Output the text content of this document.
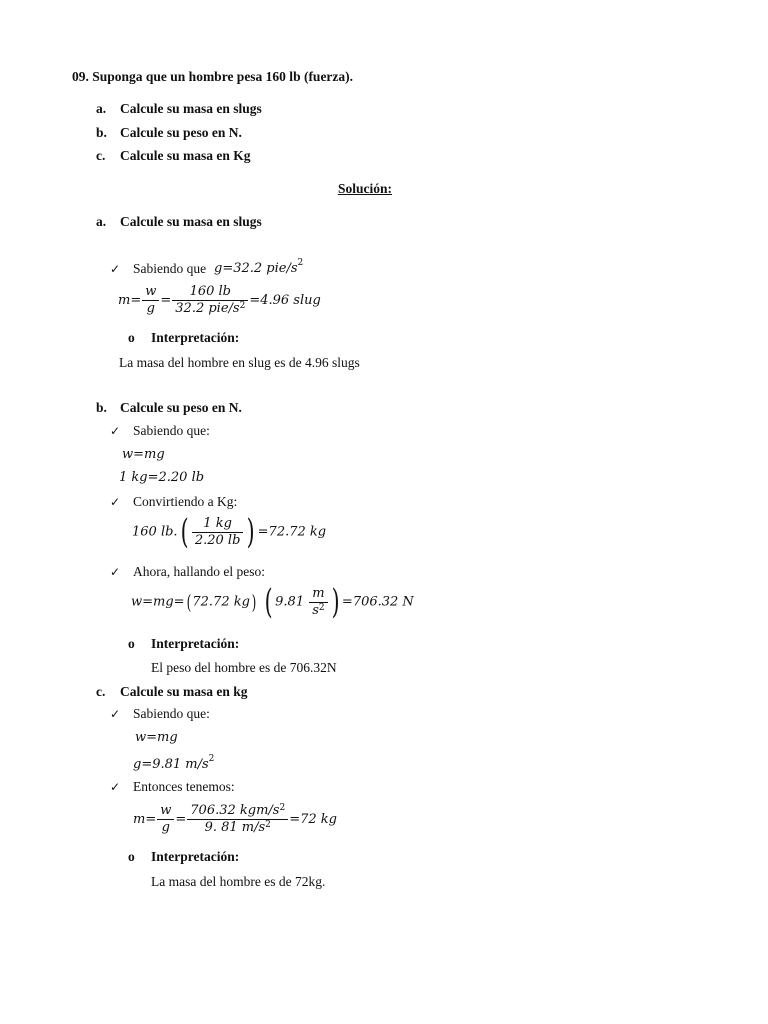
09. Suponga que un hombre pesa 160 lb (fuerza).
a. Calcule su masa en slugs
b. Calcule su peso en N.
c. Calcule su masa en Kg
Solución:
a. Calcule su masa en slugs
✓ Sabiendo que g=32.2 pie/$s^2$
$m= \frac{w}{g} = \frac{160 lb}{32.2 pie/s^2} =4.96$ slug
o Interpretación:
La masa del hombre en slug es de 4.96 slugs
b. Calcule su peso en N.
✓ Sabiendo que:
w=mg
1 kg=2.20 lb
✓ Convirtiendo a Kg:
160 $lb.( \frac{1 kg}{2.20 lb}$ ) =72.72 kg
✓ Ahora, hallando el peso:
w=mg=( 72.72 kg) ( $9.81 \frac{m}{s^2}$ ) =706.32 N
o Interpretación:
El peso del hombre es de 706.32N
c. Calcule su masa en kg
✓ Sabiendo que:
w=mg
g=9.81 $m/s^2$
✓ Entonces tenemos:
$m= \frac{w}{g} = \frac{706.32 kgm/s^2}{9. 81 m/s^2} =72$ kg
o Interpretación:
La masa del hombre es de 72kg.
